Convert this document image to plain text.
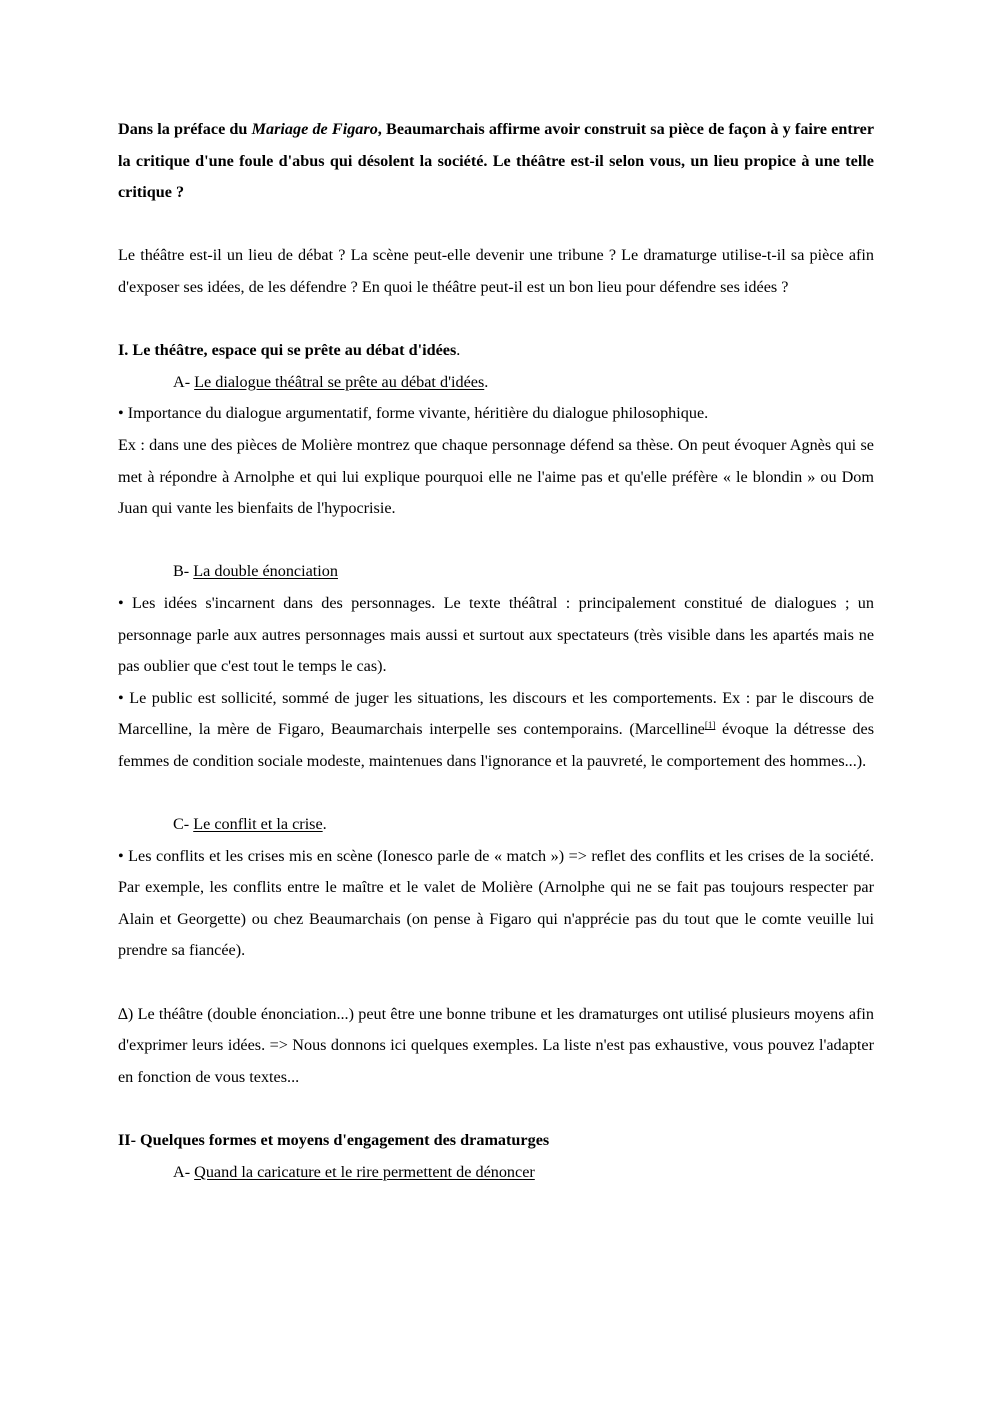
Dans la préface du Mariage de Figaro, Beaumarchais affirme avoir construit sa pièce de façon à y faire entrer la critique d'une foule d'abus qui désolent la société. Le théâtre est-il selon vous, un lieu propice à une telle critique ?

Le théâtre est-il un lieu de débat ? La scène peut-elle devenir une tribune ? Le dramaturge utilise-t-il sa pièce afin d'exposer ses idées, de les défendre ? En quoi le théâtre peut-il est un bon lieu pour défendre ses idées ?

I. Le théâtre, espace qui se prête au débat d'idées.

A- Le dialogue théâtral se prête au débat d'idées.

• Importance du dialogue argumentatif, forme vivante, héritière du dialogue philosophique.

Ex : dans une des pièces de Molière montrez que chaque personnage défend sa thèse. On peut évoquer Agnès qui se met à répondre à Arnolphe et qui lui explique pourquoi elle ne l'aime pas et qu'elle préfère « le blondin » ou Dom Juan qui vante les bienfaits de l'hypocrisie.

B- La double énonciation

• Les idées s'incarnent dans des personnages. Le texte théâtral : principalement constitué de dialogues ; un personnage parle aux autres personnages mais aussi et surtout aux spectateurs (très visible dans les apartés mais ne pas oublier que c'est tout le temps le cas).

• Le public est sollicité, sommé de juger les situations, les discours et les comportements. Ex : par le discours de Marcelline, la mère de Figaro, Beaumarchais interpelle ses contemporains. (Marcelline[1] évoque la détresse des femmes de condition sociale modeste, maintenues dans l'ignorance et la pauvreté, le comportement des hommes...).

C- Le conflit et la crise.

• Les conflits et les crises mis en scène (Ionesco parle de « match ») => reflet des conflits et les crises de la société. Par exemple, les conflits entre le maître et le valet de Molière (Arnolphe qui ne se fait pas toujours respecter par Alain et Georgette) ou chez Beaumarchais (on pense à Figaro qui n'apprécie pas du tout que le comte veuille lui prendre sa fiancée).

∆) Le théâtre (double énonciation...) peut être une bonne tribune et les dramaturges ont utilisé plusieurs moyens afin d'exprimer leurs idées. => Nous donnons ici quelques exemples. La liste n'est pas exhaustive, vous pouvez l'adapter en fonction de vous textes...

II- Quelques formes et moyens d'engagement des dramaturges

A- Quand la caricature et le rire permettent de dénoncer
